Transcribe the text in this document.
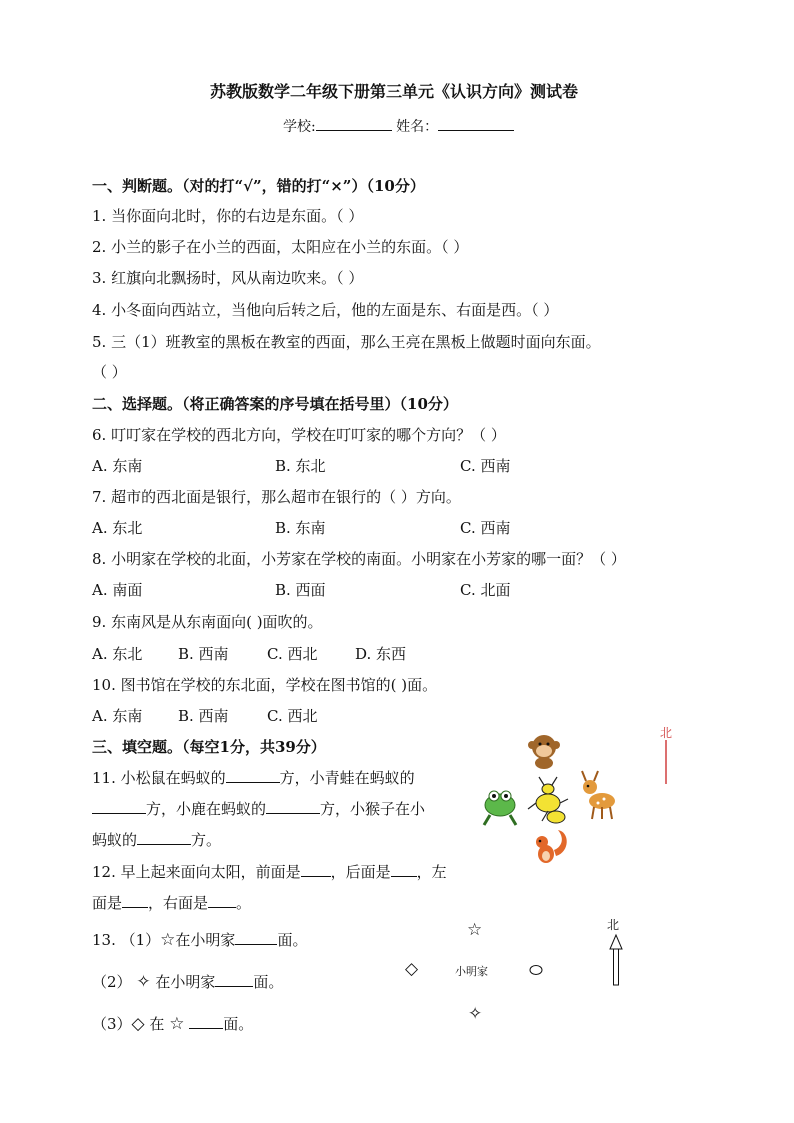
苏教版数学二年级下册第三单元《认识方向》测试卷
学校:	姓名：
一、判断题。（对的打“√”，错的打“×”）（10分）
1. 当你面向北时，你的右边是东面。（ ）
2. 小兰的影子在小兰的西面，太阳应在小兰的东面。（ ）
3. 红旗向北飘扬时，风从南边吹来。（ ）
4. 小冬面向西站立，当他向后转之后，他的左面是东、右面是西。（ ）
5. 三（1）班教室的黑板在教室的西面，那么王亮在黑板上做题时面向东面。
（ ）
二、选择题。（将正确答案的序号填在括号里）（10分）
6. 叮叮家在学校的西北方向，学校在叮叮家的哪个方向？（ ）
A. 东南	B. 东北	C. 西南
7. 超市的西北面是银行，那么超市在银行的（ ）方向。
A. 东北	B. 东南	C. 西南
8. 小明家在学校的北面，小芳家在学校的南面。小明家在小芳家的哪一面？（ ）
A. 南面	B. 西面	C. 北面
9. 东南风是从东南面向( )面吹的。
A. 东北 B. 西南	C. 西北	D. 东西
10. 图书馆在学校的东北面，学校在图书馆的( )面。
A. 东南 B. 西南	C. 西北
三、填空题。（每空1分，共39分）
11. 小松鼠在蚂蚁的	方，小青蛙在蚂蚁的
方，小鹿在蚂蚁的	方，小猴子在小
蚂蚁的	方。
12. 早上起来面向太阳，前面是 ，后面是 ，左
面是 ，右面是 。
13. （1）☆在小明家	面。
（2） ✧ 在小明家	面。
（3）◇ 在 ☆	面。
北
☆
◇	小明家
✧
北
